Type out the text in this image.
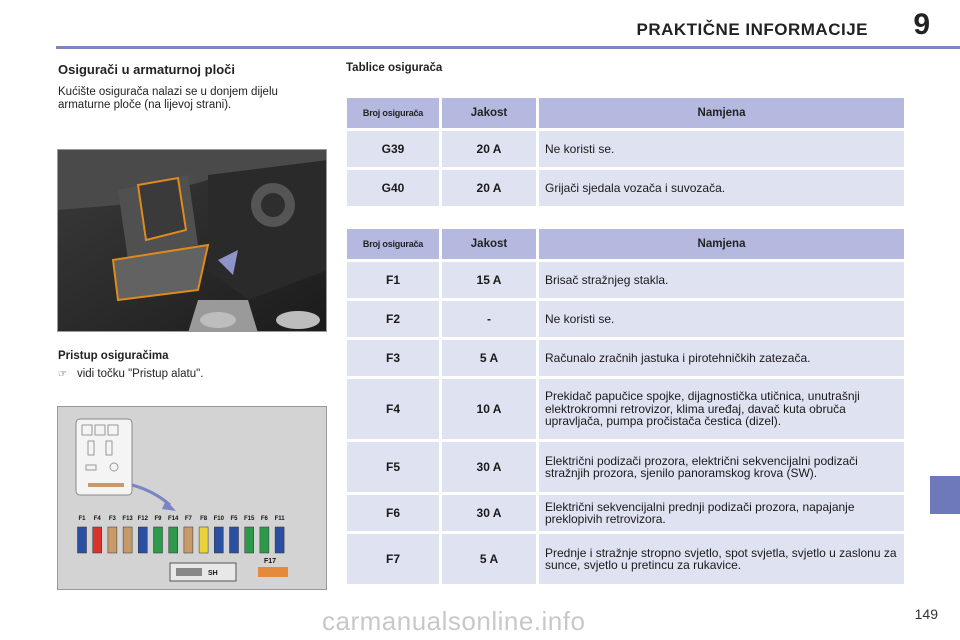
PRAKTIČNE INFORMACIJE 9
Osigurači u armaturnoj ploči
Kućište osigurača nalazi se u donjem dijelu armaturne ploče (na lijevoj strani).
Pristup osiguračima
☞ vidi točku "Pristup alatu".
F1 F4 F3 F13 F12 F9 F14 F7 F8 F10 F5 F15 F6 F11
SH
F17
Tablice osigurača
Broj osigurača	Jakost	Namjena
G39	20 A	Ne koristi se.
G40	20 A	Grijači sjedala vozača i suvozača.
Broj osigurača	Jakost	Namjena
F1	15 A	Brisač stražnjeg stakla.
F2	-	Ne koristi se.
F3	5 A	Računalo zračnih jastuka i pirotehničkih zatezača.
F4	10 A	Prekidač papučice spojke, dijagnostička utičnica, unutrašnji elektrokromni retrovizor, klima uređaj, davač kuta obruča upravljača, pumpa pročistača čestica (dizel).
F5	30 A	Električni podizači prozora, električni sekvencijalni podizači stražnjih prozora, sjenilo panoramskog krova (SW).
F6	30 A	Električni sekvencijalni prednji podizači prozora, napajanje preklopivih retrovizora.
F7	5 A	Prednje i stražnje stropno svjetlo, spot svjetla, svjetlo u zaslonu za sunce, svjetlo u pretincu za rukavice.
carmanualsonline.info	149
